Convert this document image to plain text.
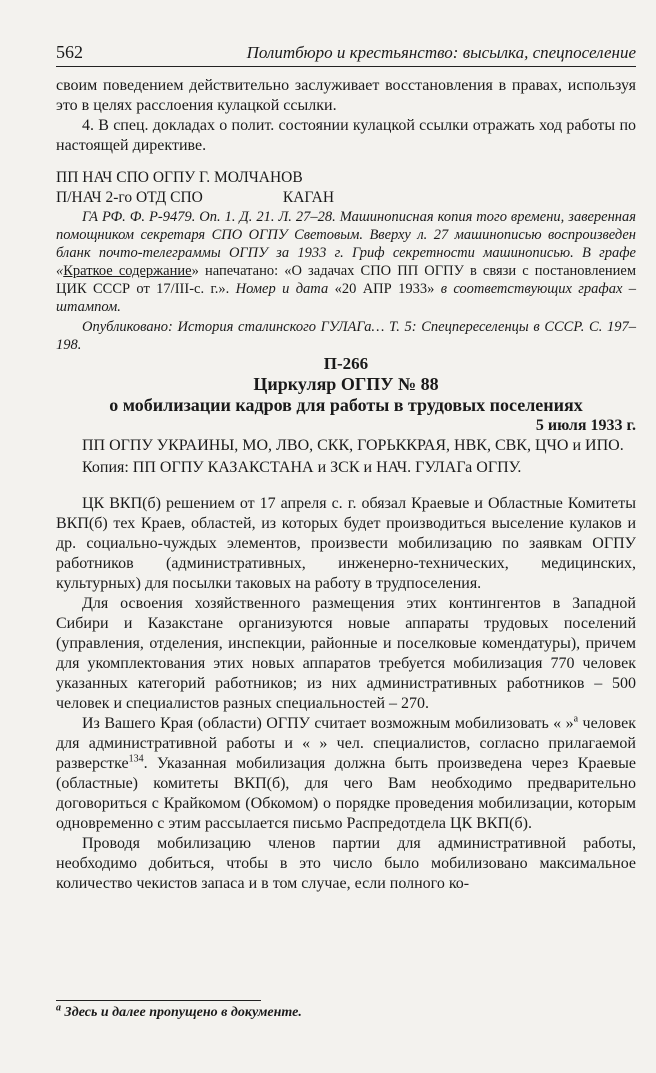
562	Политбюро и крестьянство: высылка, спецпоселение

своим поведением действительно заслуживает восстановления в правах, используя это в целях расслоения кулацкой ссылки.

4. В спец. докладах о полит. состоянии кулацкой ссылки отражать ход работы по настоящей директиве.

ПП НАЧ СПО ОГПУ Г. МОЛЧАНОВ

П/НАЧ 2-го ОТД СПО	КАГАН

ГА РФ. Ф. Р-9479. Оп. 1. Д. 21. Л. 27–28. Машинописная копия того времени, заверенная помощником секретаря СПО ОГПУ Световым. Вверху л. 27 машинописью воспроизведен бланк почто-телеграммы ОГПУ за 1933 г. Гриф секретности машинописью. В графе «Краткое содержание» напечатано: «О задачах СПО ПП ОГПУ в связи с постановлением ЦИК СССР от 17/III-с. г.». Номер и дата «20 АПР 1933» в соответствующих графах – штампом.

Опубликовано: История сталинского ГУЛАГа… Т. 5: Спецпереселенцы в СССР. С. 197–198.

П-266

Циркуляр ОГПУ № 88

о мобилизации кадров для работы в трудовых поселениях

5 июля 1933 г.

ПП ОГПУ УКРАИНЫ, МО, ЛВО, СКК, ГОРЬККРАЯ, НВК, СВК, ЦЧО и ИПО.

Копия: ПП ОГПУ КАЗАКСТАНА и ЗСК и НАЧ. ГУЛАГа ОГПУ.

ЦК ВКП(б) решением от 17 апреля с. г. обязал Краевые и Областные Комитеты ВКП(б) тех Краев, областей, из которых будет производиться выселение кулаков и др. социально-чуждых элементов, произвести мобилизацию по заявкам ОГПУ работников (административных, инженерно-технических, медицинских, культурных) для посылки таковых на работу в трудпоселения.

Для освоения хозяйственного размещения этих контингентов в Западной Сибири и Казакстане организуются новые аппараты трудовых поселений (управления, отделения, инспекции, районные и поселковые комендатуры), причем для укомплектования этих новых аппаратов требуется мобилизация 770 человек указанных категорий работников; из них административных работников – 500 человек и специалистов разных специальностей – 270.

Из Вашего Края (области) ОГПУ считает возможным мобилизовать « »$^a$ человек для административной работы и « » чел. специалистов, согласно прилагаемой разверстке$^{134}$. Указанная мобилизация должна быть произведена через Краевые (областные) комитеты ВКП(б), для чего Вам необходимо предварительно договориться с Крайкомом (Обкомом) о порядке проведения мобилизации, которым одновременно с этим рассылается письмо Распредотдела ЦК ВКП(б).

Проводя мобилизацию членов партии для административной работы, необходимо добиться, чтобы в это число было мобилизовано максимальное количество чекистов запаса и в том случае, если полного ко-

$^a$ Здесь и далее пропущено в документе.
